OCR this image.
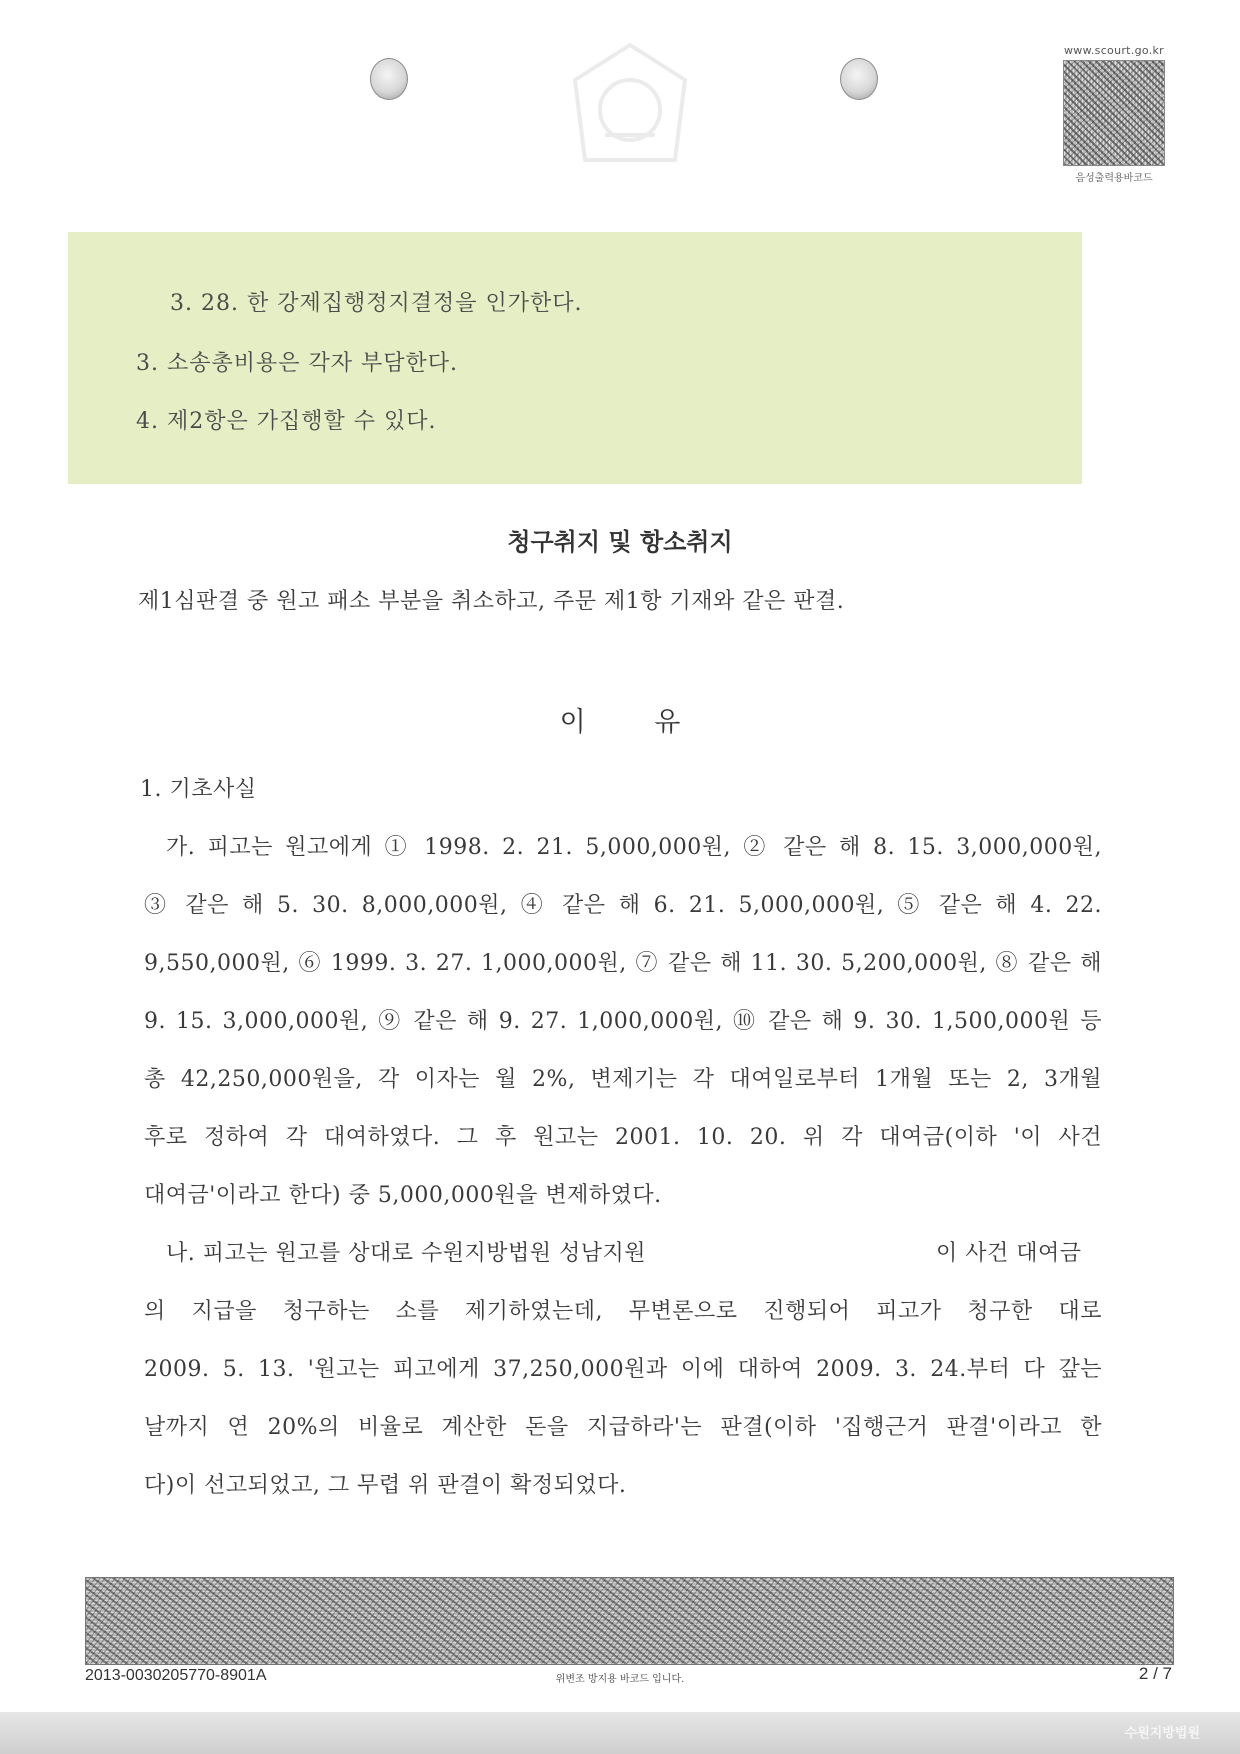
www.scourt.go.kr
음성출력용바코드
3. 28. 한 강제집행정지결정을 인가한다.
3. 소송총비용은 각자 부담한다.
4. 제2항은 가집행할 수 있다.
청구취지 및 항소취지
제1심판결 중 원고 패소 부분을 취소하고, 주문 제1항 기재와 같은 판결.
이 유
1. 기초사실
가. 피고는 원고에게 ① 1998. 2. 21. 5,000,000원, ② 같은 해 8. 15. 3,000,000원,
③ 같은 해 5. 30. 8,000,000원, ④ 같은 해 6. 21. 5,000,000원, ⑤ 같은 해 4. 22.
9,550,000원, ⑥ 1999. 3. 27. 1,000,000원, ⑦ 같은 해 11. 30. 5,200,000원, ⑧ 같은 해
9. 15. 3,000,000원, ⑨ 같은 해 9. 27. 1,000,000원, ⑩ 같은 해 9. 30. 1,500,000원 등
총 42,250,000원을, 각 이자는 월 2%, 변제기는 각 대여일로부터 1개월 또는 2, 3개월
후로 정하여 각 대여하였다. 그 후 원고는 2001. 10. 20. 위 각 대여금(이하 '이 사건
대여금'이라고 한다) 중 5,000,000원을 변제하였다.
나. 피고는 원고를 상대로 수원지방법원 성남지원	이 사건 대여금
의 지급을 청구하는 소를 제기하였는데, 무변론으로 진행되어 피고가 청구한 대로
2009. 5. 13. '원고는 피고에게 37,250,000원과 이에 대하여 2009. 3. 24.부터 다 갚는
날까지 연 20%의 비율로 계산한 돈을 지급하라'는 판결(이하 '집행근거 판결'이라고 한
다)이 선고되었고, 그 무렵 위 판결이 확정되었다.
2013-0030205770-8901A	위변조 방지용 바코드 입니다.	2 / 7
수원지방법원
